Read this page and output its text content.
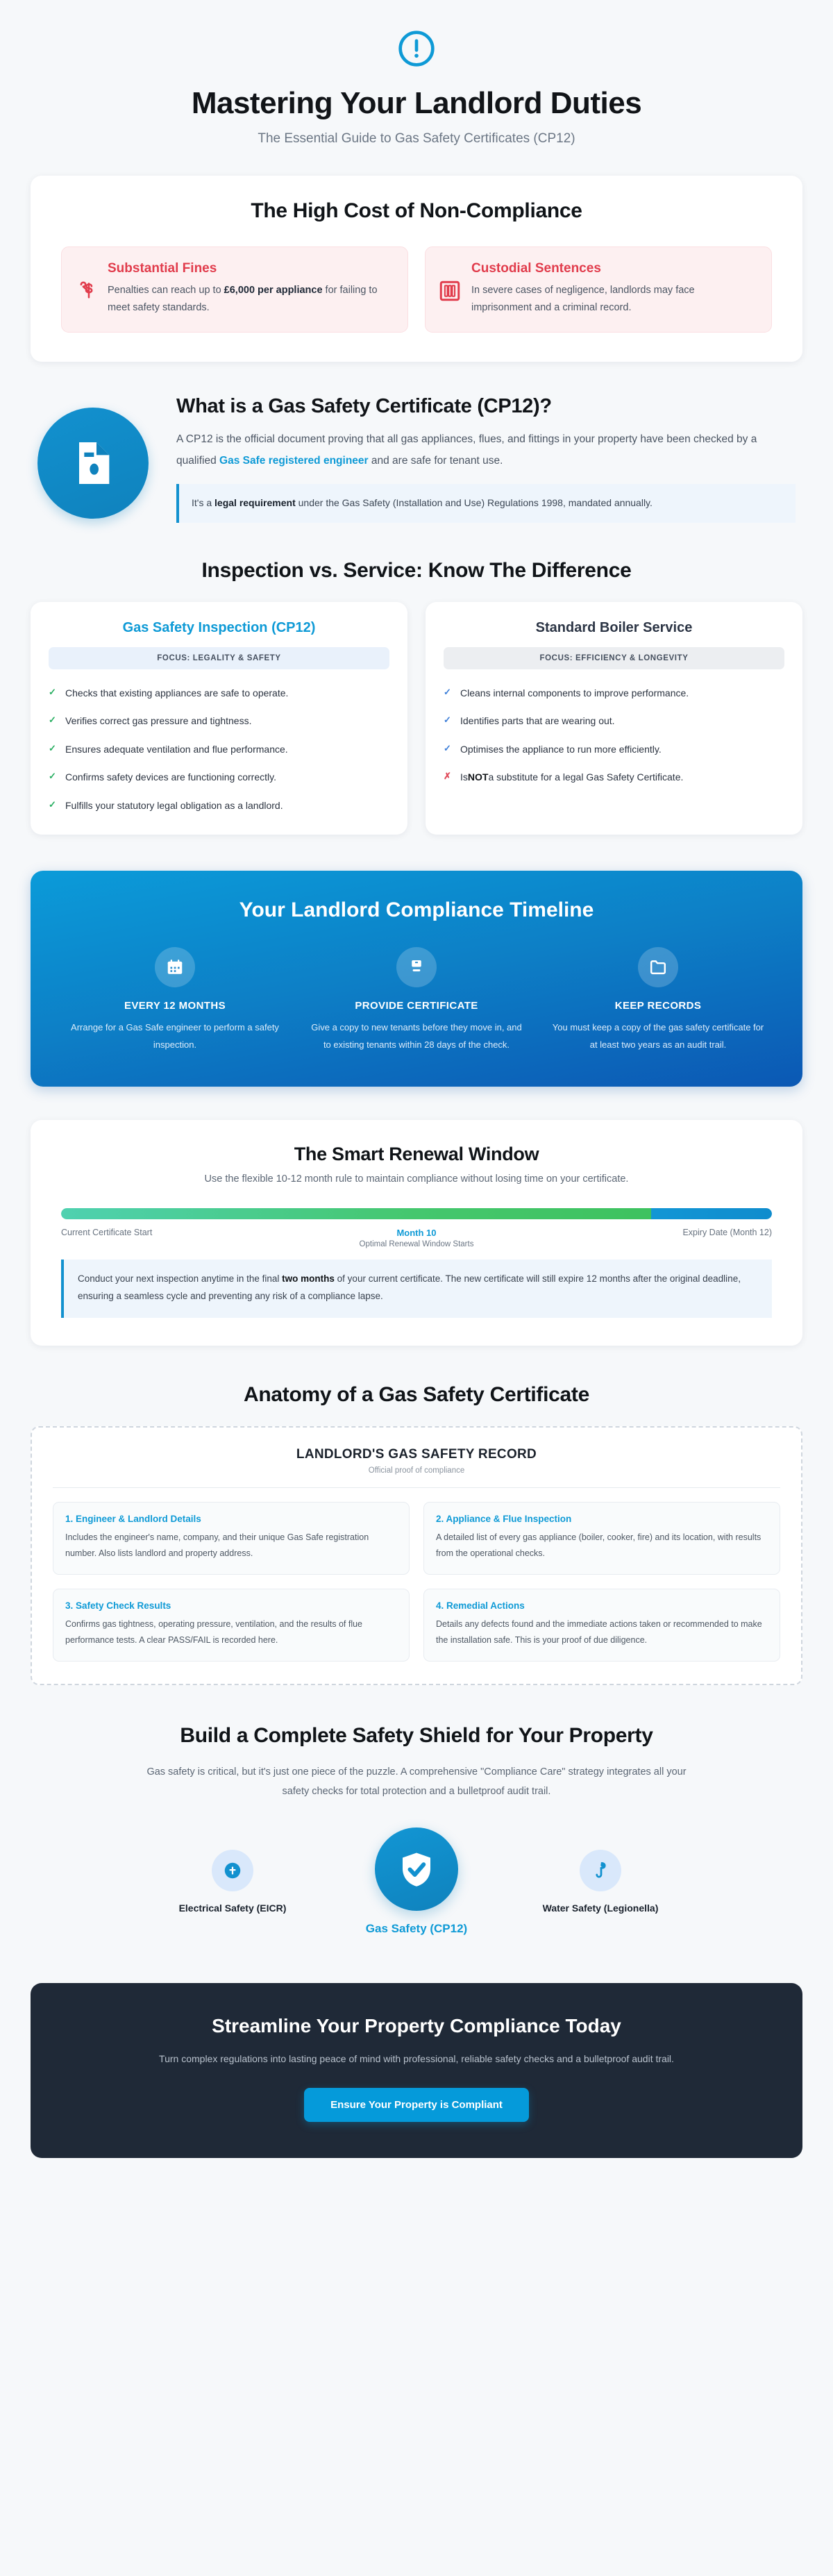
Mastering Your Landlord Duties
The Essential Guide to Gas Safety Certificates (CP12)
The High Cost of Non-Compliance
Substantial Fines
Penalties can reach up to £6,000 per appliance for failing to meet safety standards.
Custodial Sentences
In severe cases of negligence, landlords may face imprisonment and a criminal record.
What is a Gas Safety Certificate (CP12)?
A CP12 is the official document proving that all gas appliances, flues, and fittings in your property have been checked by a qualified Gas Safe registered engineer and are safe for tenant use.
It's a legal requirement under the Gas Safety (Installation and Use) Regulations 1998, mandated annually.
Inspection vs. Service: Know The Difference
Gas Safety Inspection (CP12)
FOCUS: LEGALITY & SAFETY
✓ Checks that existing appliances are safe to operate.
✓ Verifies correct gas pressure and tightness.
✓ Ensures adequate ventilation and flue performance.
✓ Confirms safety devices are functioning correctly.
✓ Fulfills your statutory legal obligation as a landlord.
Standard Boiler Service
FOCUS: EFFICIENCY & LONGEVITY
✓ Cleans internal components to improve performance.
✓ Identifies parts that are wearing out.
✓ Optimises the appliance to run more efficiently.
✗ IsNOTa substitute for a legal Gas Safety Certificate.
Your Landlord Compliance Timeline
EVERY 12 MONTHS
Arrange for a Gas Safe engineer to perform a safety inspection.
PROVIDE CERTIFICATE
Give a copy to new tenants before they move in, and to existing tenants within 28 days of the check.
KEEP RECORDS
You must keep a copy of the gas safety certificate for at least two years as an audit trail.
The Smart Renewal Window
Use the flexible 10-12 month rule to maintain compliance without losing time on your certificate.
Current Certificate Start	Month 10
Optimal Renewal Window Starts
Expiry Date (Month 12)
Conduct your next inspection anytime in the final two months of your current certificate. The new certificate will still expire 12 months after the original deadline, ensuring a seamless cycle and preventing any risk of a compliance lapse.
Anatomy of a Gas Safety Certificate
LANDLORD'S GAS SAFETY RECORD
Official proof of compliance
1. Engineer & Landlord Details

Includes the engineer's name, company, and their unique Gas Safe registration number. Also lists landlord and property address.

2. Appliance & Flue Inspection

A detailed list of every gas appliance (boiler, cooker, fire) and its location, with results from the operational checks.

3. Safety Check Results

Confirms gas tightness, operating pressure, ventilation, and the results of flue performance tests. A clear PASS/FAIL is recorded here.

4. Remedial Actions

Details any defects found and the immediate actions taken or recommended to make the installation safe. This is your proof of due diligence.

Build a Complete Safety Shield for Your Property
Gas safety is critical, but it's just one piece of the puzzle. A comprehensive "Compliance Care" strategy integrates all your safety checks for total protection and a bulletproof audit trail.
Electrical Safety (EICR)
Gas Safety (CP12)
Water Safety (Legionella)
Streamline Your Property Compliance Today

Turn complex regulations into lasting peace of mind with professional, reliable safety checks and a bulletproof audit trail.

Ensure Your Property is Compliant
